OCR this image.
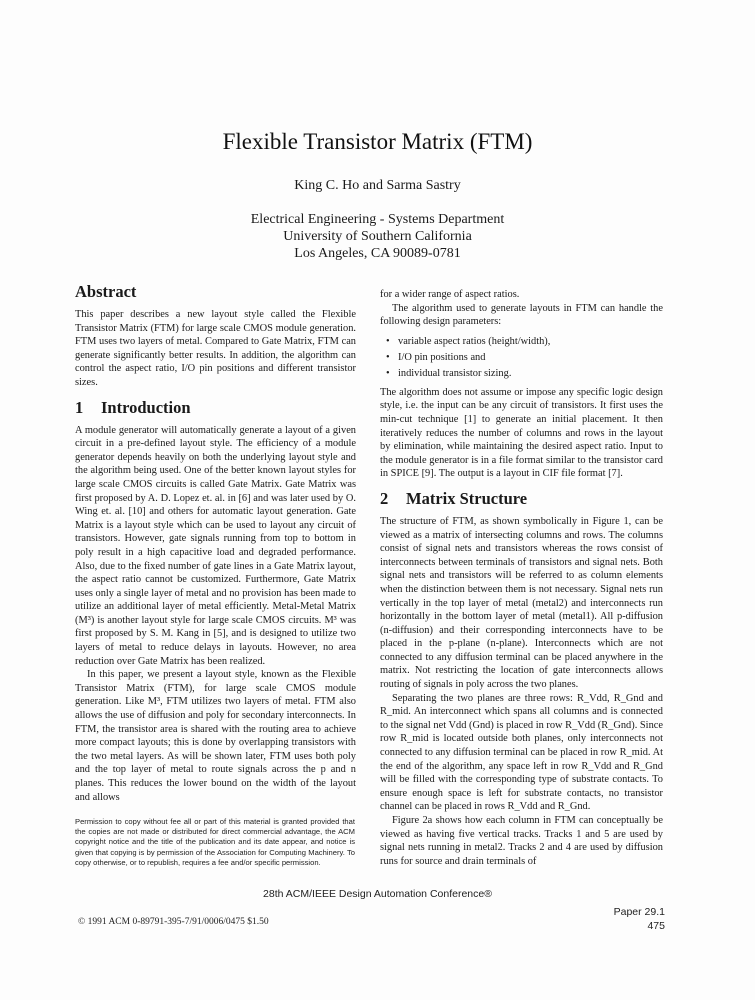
Flexible Transistor Matrix (FTM)
King C. Ho and Sarma Sastry
Electrical Engineering - Systems Department
University of Southern California
Los Angeles, CA 90089-0781
Abstract

This paper describes a new layout style called the Flexible Transistor Matrix (FTM) for large scale CMOS module generation. FTM uses two layers of metal. Compared to Gate Matrix, FTM can generate significantly better results. In addition, the algorithm can control the aspect ratio, I/O pin positions and different transistor sizes.

1 Introduction

A module generator will automatically generate a layout of a given circuit in a pre-defined layout style. The efficiency of a module generator depends heavily on both the underlying layout style and the algorithm being used. One of the better known layout styles for large scale CMOS circuits is called Gate Matrix. Gate Matrix was first proposed by A. D. Lopez et. al. in [6] and was later used by O. Wing et. al. [10] and others for automatic layout generation. Gate Matrix is a layout style which can be used to layout any circuit of transistors. However, gate signals running from top to bottom in poly result in a high capacitive load and degraded performance. Also, due to the fixed number of gate lines in a Gate Matrix layout, the aspect ratio cannot be customized. Furthermore, Gate Matrix uses only a single layer of metal and no provision has been made to utilize an additional layer of metal efficiently. Metal-Metal Matrix (M³) is another layout style for large scale CMOS circuits. M³ was first proposed by S. M. Kang in [5], and is designed to utilize two layers of metal to reduce delays in layouts. However, no area reduction over Gate Matrix has been realized.

In this paper, we present a layout style, known as the Flexible Transistor Matrix (FTM), for large scale CMOS module generation. Like M³, FTM utilizes two layers of metal. FTM also allows the use of diffusion and poly for secondary interconnects. In FTM, the transistor area is shared with the routing area to achieve more compact layouts; this is done by overlapping transistors with the two metal layers. As will be shown later, FTM uses both poly and the top layer of metal to route signals across the p and n planes. This reduces the lower bound on the width of the layout and allows

for a wider range of aspect ratios.

The algorithm used to generate layouts in FTM can handle the following design parameters:

• variable aspect ratios (height/width),
• I/O pin positions and
• individual transistor sizing.

The algorithm does not assume or impose any specific logic design style, i.e. the input can be any circuit of transistors. It first uses the min-cut technique [1] to generate an initial placement. It then iteratively reduces the number of columns and rows in the layout by elimination, while maintaining the desired aspect ratio. Input to the module generator is in a file format similar to the transistor card in SPICE [9]. The output is a layout in CIF file format [7].

2 Matrix Structure

The structure of FTM, as shown symbolically in Figure 1, can be viewed as a matrix of intersecting columns and rows. The columns consist of signal nets and transistors whereas the rows consist of interconnects between terminals of transistors and signal nets. Both signal nets and transistors will be referred to as column elements when the distinction between them is not necessary. Signal nets run vertically in the top layer of metal (metal2) and interconnects run horizontally in the bottom layer of metal (metal1). All p-diffusion (n-diffusion) and their corresponding interconnects have to be placed in the p-plane (n-plane). Interconnects which are not connected to any diffusion terminal can be placed anywhere in the matrix. Not restricting the location of gate interconnects allows routing of signals in poly across the two planes.

Separating the two planes are three rows: R_Vdd, R_Gnd and R_mid. An interconnect which spans all columns and is connected to the signal net Vdd (Gnd) is placed in row R_Vdd (R_Gnd). Since row R_mid is located outside both planes, only interconnects not connected to any diffusion terminal can be placed in row R_mid. At the end of the algorithm, any space left in row R_Vdd and R_Gnd will be filled with the corresponding type of substrate contacts. To ensure enough space is left for substrate contacts, no transistor channel can be placed in rows R_Vdd and R_Gnd.

Figure 2a shows how each column in FTM can conceptually be viewed as having five vertical tracks. Tracks 1 and 5 are used by signal nets running in metal2. Tracks 2 and 4 are used by diffusion runs for source and drain terminals of

Permission to copy without fee all or part of this material is granted provided that the copies are not made or distributed for direct commercial advantage, the ACM copyright notice and the title of the publication and its date appear, and notice is given that copying is by permission of the Association for Computing Machinery. To copy otherwise, or to republish, requires a fee and/or specific permission.
28th ACM/IEEE Design Automation Conference®
© 1991 ACM 0-89791-395-7/91/0006/0475 $1.50
Paper 29.1
475
